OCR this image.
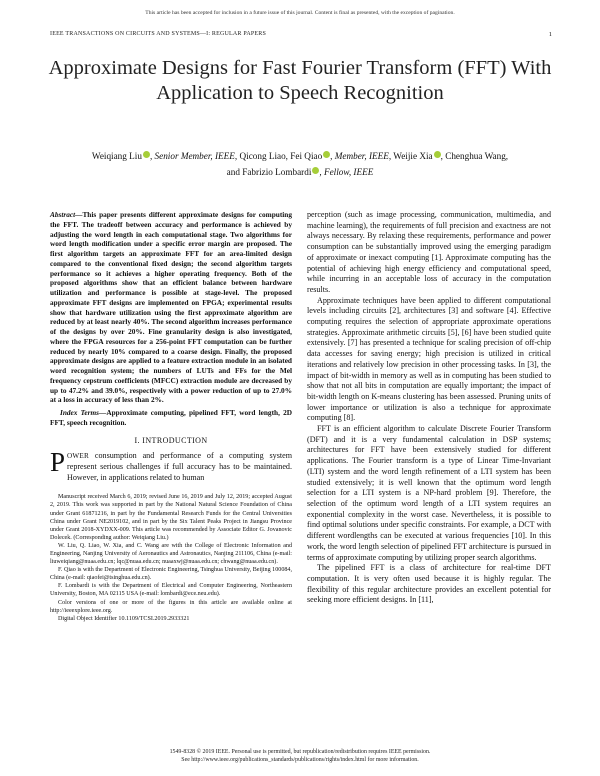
This article has been accepted for inclusion in a future issue of this journal. Content is final as presented, with the exception of pagination.
IEEE TRANSACTIONS ON CIRCUITS AND SYSTEMS—I: REGULAR PAPERS	1
Approximate Designs for Fast Fourier Transform (FFT) With Application to Speech Recognition
Weiqiang Liu , Senior Member, IEEE, Qicong Liao, Fei Qiao , Member, IEEE, Weijie Xia , Chenghua Wang,
and Fabrizio Lombardi , Fellow, IEEE

Abstract—This paper presents different approximate designs for computing the FFT. The tradeoff between accuracy and performance is achieved by adjusting the word length in each computational stage. Two algorithms for word length modification under a specific error margin are proposed. The first algorithm targets an approximate FFT for an area-limited design compared to the conventional fixed design; the second algorithm targets performance so it achieves a higher operating frequency. Both of the proposed algorithms show that an efficient balance between hardware utilization and performance is possible at stage-level. The proposed approximate FFT designs are implemented on FPGA; experimental results show that hardware utilization using the first approximate algorithm are reduced by at least nearly 40%. The second algorithm increases performance of the designs by over 20%. Fine granularity design is also investigated, where the FPGA resources for a 256-point FFT computation can be further reduced by nearly 10% compared to a coarse design. Finally, the proposed approximate designs are applied to a feature extraction module in an isolated word recognition system; the numbers of LUTs and FFs for the Mel frequency cepstrum coefficients (MFCC) extraction module are decreased by up to 47.2% and 39.0%, respectively with a power reduction of up to 27.0% at a loss in accuracy of less than 2%.

Index Terms—Approximate computing, pipelined FFT, word length, 2D FFT, speech recognition.

I. INTRODUCTION

POWER consumption and performance of a computing system represent serious challenges if full accuracy has to be maintained. However, in applications related to human

Manuscript received March 6, 2019; revised June 16, 2019 and July 12, 2019; accepted August 2, 2019. This work was supported in part by the National Natural Science Foundation of China under Grant 61871216, in part by the Fundamental Research Funds for the Central Universities China under Grant NE2019102, and in part by the Six Talent Peaks Project in Jiangsu Province under Grant 2018-XYDXX-009. This article was recommended by Associate Editor G. Jovanovic Dolecek. (Corresponding author: Weiqiang Liu.)

W. Liu, Q. Liao, W. Xia, and C. Wang are with the College of Electronic Information and Engineering, Nanjing University of Aeronautics and Astronautics, Nanjing 211106, China (e-mail: liuweiqiang@nuaa.edu.cn; lqc@nuaa.edu.cn; nuaaxwj@nuaa.edu.cn; chwang@nuaa.edu.cn).

F. Qiao is with the Department of Electronic Engineering, Tsinghua University, Beijing 100084, China (e-mail: qiaofei@tsinghua.edu.cn).

F. Lombardi is with the Department of Electrical and Computer Engineering, Northeastern University, Boston, MA 02115 USA (e-mail: lombardi@ece.neu.edu).

Color versions of one or more of the figures in this article are available online at http://ieeexplore.ieee.org.

Digital Object Identifier 10.1109/TCSI.2019.2933321

perception (such as image processing, communication, multimedia, and machine learning), the requirements of full precision and exactness are not always necessary. By relaxing these requirements, performance and power consumption can be substantially improved using the emerging paradigm of approximate or inexact computing [1]. Approximate computing has the potential of achieving high energy efficiency and computational speed, while incurring in an acceptable loss of accuracy in the computation results.

Approximate techniques have been applied to different computational levels including circuits [2], architectures [3] and software [4]. Effective computing requires the selection of appropriate approximate operations strategies. Approximate arithmetic circuits [5], [6] have been studied quite extensively. [7] has presented a technique for scaling precision of off-chip data accesses for saving energy; high precision is utilized in critical iterations and relatively low precision in other processing tasks. In [3], the impact of bit-width in memory as well as in computing has been studied to show that not all bits in computation are equally important; the impact of bit-width length on K-means clustering has been assessed. Pruning units of lower importance or utilization is also a technique for approximate computing [8].

FFT is an efficient algorithm to calculate Discrete Fourier Transform (DFT) and it is a very fundamental calculation in DSP systems; architectures for FFT have been extensively studied for different applications. The Fourier transform is a type of Linear Time-Invariant (LTI) system and the word length refinement of a LTI system has been studied extensively; it is well known that the optimum word length selection for a LTI system is a NP-hard problem [9]. Therefore, the selection of the optimum word length of a LTI system requires an exponential complexity in the worst case. Nevertheless, it is possible to find optimal solutions under specific constraints. For example, a DCT with different wordlengths can be executed at various frequencies [10]. In this work, the word length selection of pipelined FFT architecture is pursued in terms of approximate computing by utilizing proper search algorithms.

The pipelined FFT is a class of architecture for real-time DFT computation. It is very often used because it is highly regular. The flexibility of this regular architecture provides an excellent potential for seeking more efficient designs. In [11],

1549-8328 © 2019 IEEE. Personal use is permitted, but republication/redistribution requires IEEE permission.
See http://www.ieee.org/publications_standards/publications/rights/index.html for more information.
